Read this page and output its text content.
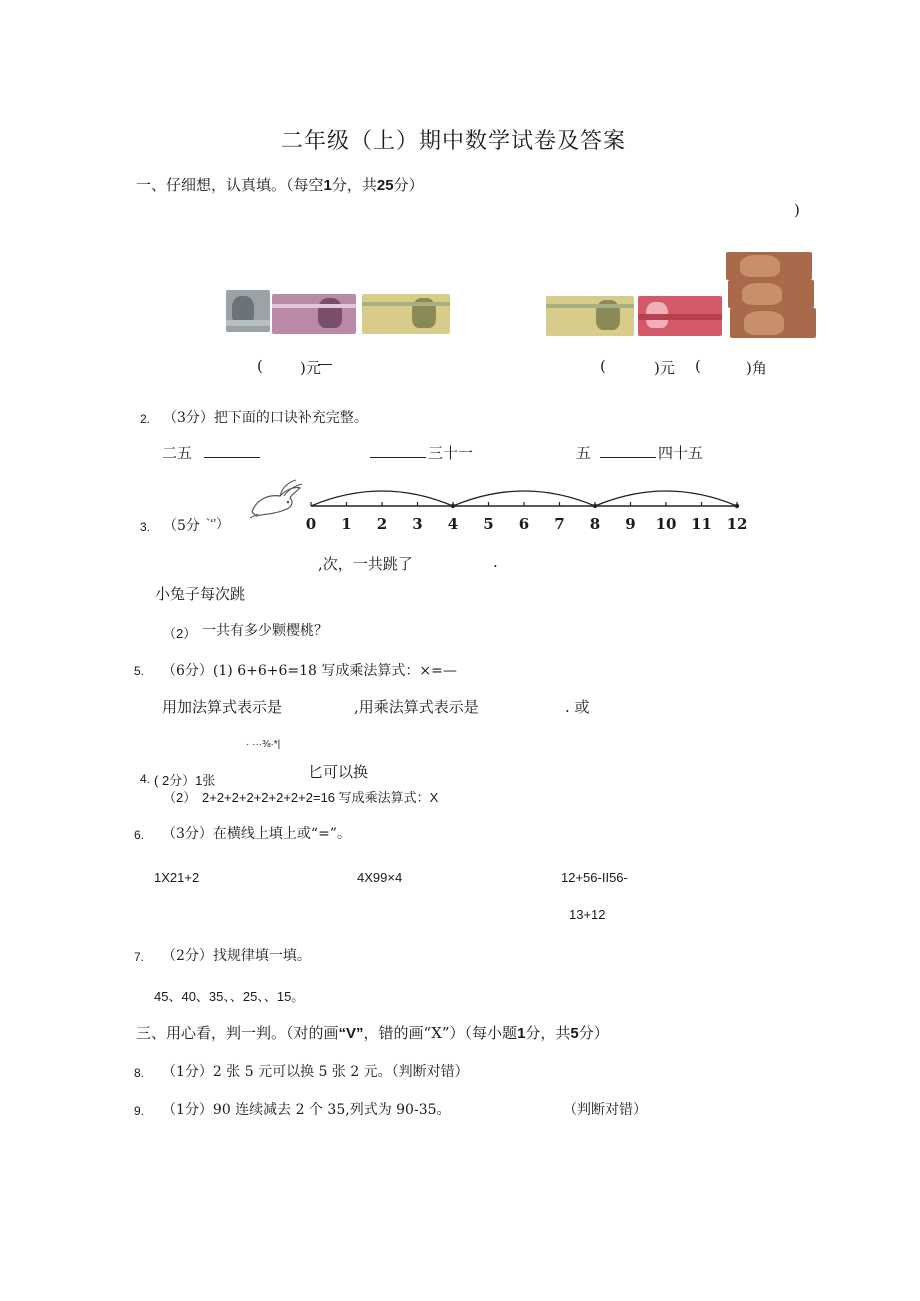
二年级（上）期中数学试卷及答案
一、仔细想，认真填。（每空1分，共25分）
)
( )元	(	)元 (	)角
2. （3分）把下面的口诀补充完整。
二五	三十一	五	四十五
0 1 2 3 4 5 6 7 8 9 10 11 12
3. （5分 `‘’）
,次，一共跳了	.
小兔子每次跳
（2） 一共有多少颗樱桃？
5. （6分）(1) 6+6+6=18 写成乘法算式：×=—
用加法算式表示是	,用乘法算式表示是	. 或
· ···⅜·*|
4. ( 2分）1张	匕可以换
（2） 2+2+2+2+2+2+2+2=16 写成乘法算式：X
6. （3分）在横线上填上或“=”。
1X21+2	4X99×4	12+56-II56-
13+12
7. （2分）找规律填一填。
45、40、35、、25、、15。
三、用心看，判一判。（对的画“V”，错的画“X”）（每小题1分，共5分）
8. （1分）2 张 5 元可以换 5 张 2 元。（判断对错）
9. （1分）90 连续减去 2 个 35,列式为 90-35。	（判断对错）
